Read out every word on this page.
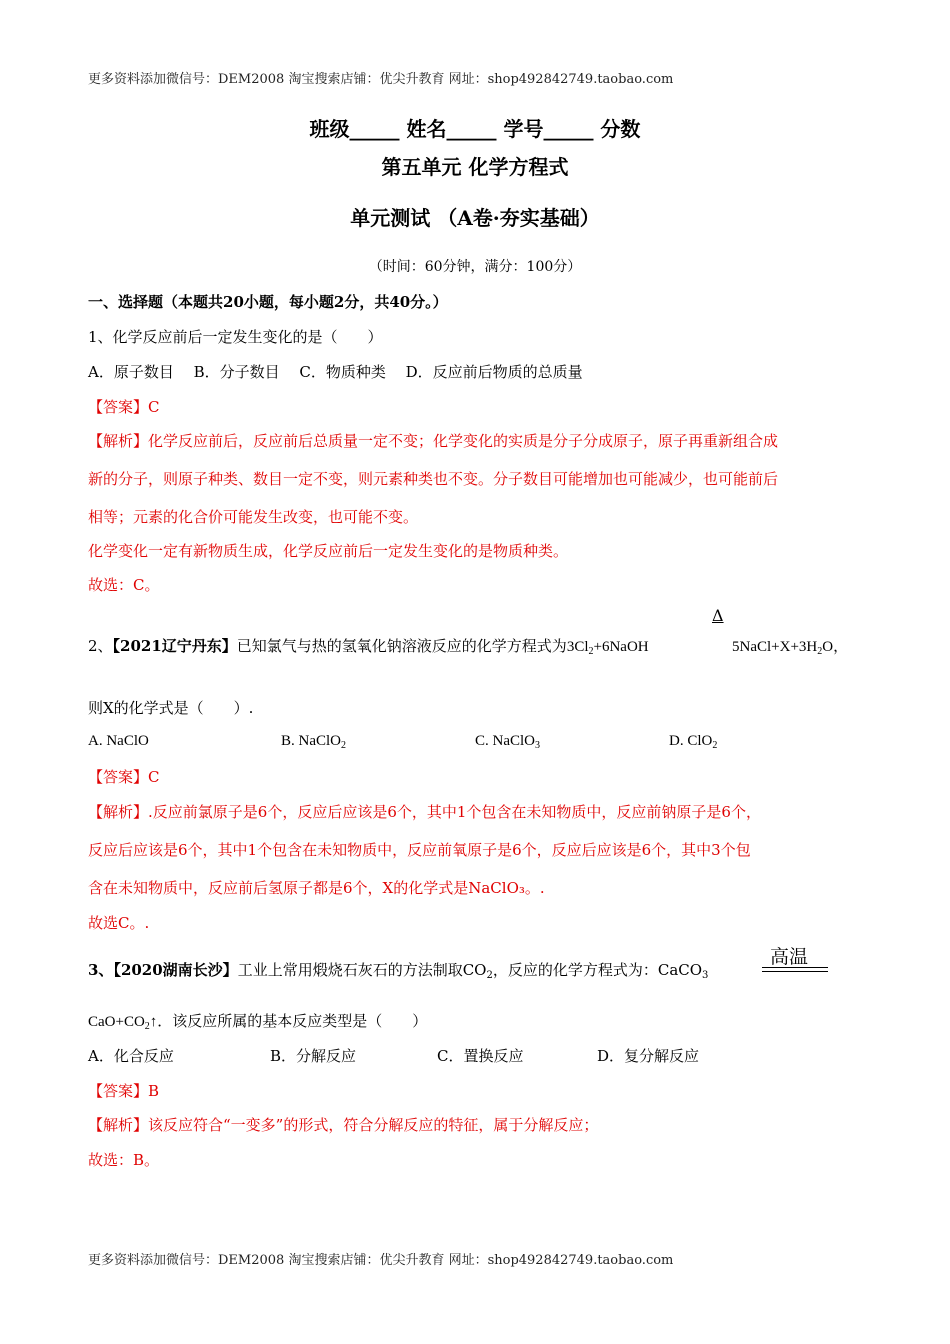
更多资料添加微信号：DEM2008 淘宝搜索店铺：优尖升教育 网址：shop492842749.taobao.com
班级_____ 姓名_____ 学号_____ 分数
第五单元 化学方程式
单元测试 （A卷·夯实基础）
（时间：60分钟，满分：100分）
一、选择题（本题共20小题，每小题2分，共40分。）
1、化学反应前后一定发生变化的是（　　）
A．原子数目　 B．分子数目　 C．物质种类　 D．反应前后物质的总质量
【答案】C
【解析】化学反应前后，反应前后总质量一定不变；化学变化的实质是分子分成原子，原子再重新组合成
新的分子，则原子种类、数目一定不变，则元素种类也不变。分子数目可能增加也可能减少，也可能前后
相等；元素的化合价可能发生改变，也可能不变。
化学变化一定有新物质生成，化学反应前后一定发生变化的是物质种类。
故选：C。
2、【2021辽宁丹东】已知氯气与热的氢氧化钠溶液反应的化学方程式为$3Cl_2+6NaOH$
Δ
$5NaCl+X+3H_2O$，
则X的化学式是（　　）.
A. NaClO	B. NaClO$_2$	C. NaClO$_3$	D. ClO$_2$
【答案】C
【解析】.反应前氯原子是6个，反应后应该是6个，其中1个包含在未知物质中，反应前钠原子是6个，
反应后应该是6个，其中1个包含在未知物质中，反应前氧原子是6个，反应后应该是6个，其中3个包
含在未知物质中，反应前后氢原子都是6个，X的化学式是NaClO₃。.
故选C。.
3、【2020湖南长沙】工业上常用煅烧石灰石的方法制取$CO_2$，反应的化学方程式为：CaCO$_3$
高温
$CaO+CO_2↑$．该反应所属的基本反应类型是（　　）
A．化合反应	B．分解反应	C．置换反应	D．复分解反应
【答案】B
【解析】该反应符合“一变多”的形式，符合分解反应的特征，属于分解反应；
故选：B。
更多资料添加微信号：DEM2008 淘宝搜索店铺：优尖升教育 网址：shop492842749.taobao.com
